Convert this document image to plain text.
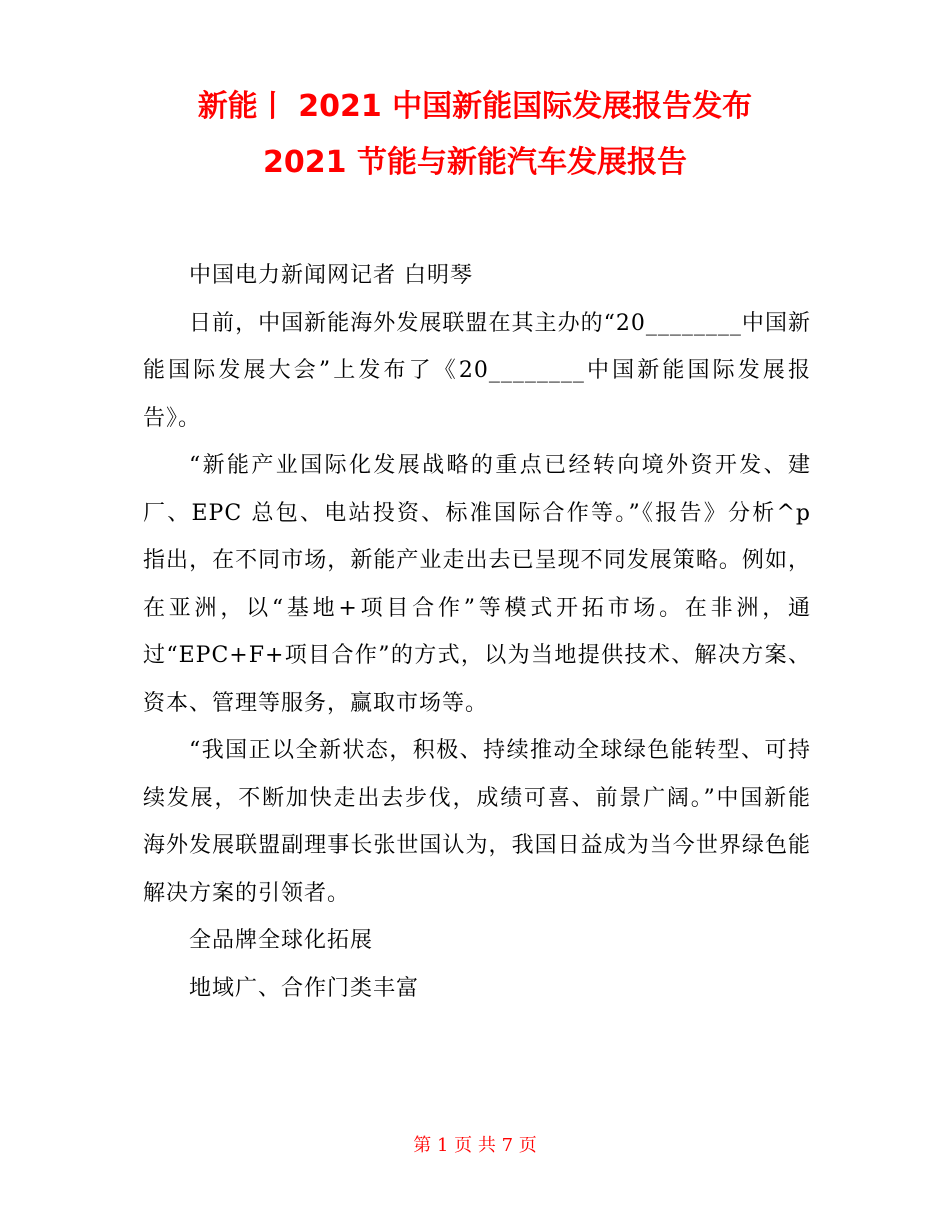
新能丨 2021 中国新能国际发展报告发布
2021 节能与新能汽车发展报告

中国电力新闻网记者 白明琴

日前，中国新能海外发展联盟在其主办的“20________中国新能国际发展大会”上发布了《20________中国新能国际发展报告》。

“新能产业国际化发展战略的重点已经转向境外资开发、建厂、EPC 总包、电站投资、标准国际合作等。”《报告》分析^p　　指出，在不同市场，新能产业走出去已呈现不同发展策略。例如，在亚洲，以“基地+项目合作”等模式开拓市场。在非洲，通过“EPC+F+项目合作”的方式，以为当地提供技术、解决方案、资本、管理等服务，赢取市场等。

“我国正以全新状态，积极、持续推动全球绿色能转型、可持续发展，不断加快走出去步伐，成绩可喜、前景广阔。”中国新能海外发展联盟副理事长张世国认为，我国日益成为当今世界绿色能解决方案的引领者。

全品牌全球化拓展

地域广、合作门类丰富

第 1 页 共 7 页
